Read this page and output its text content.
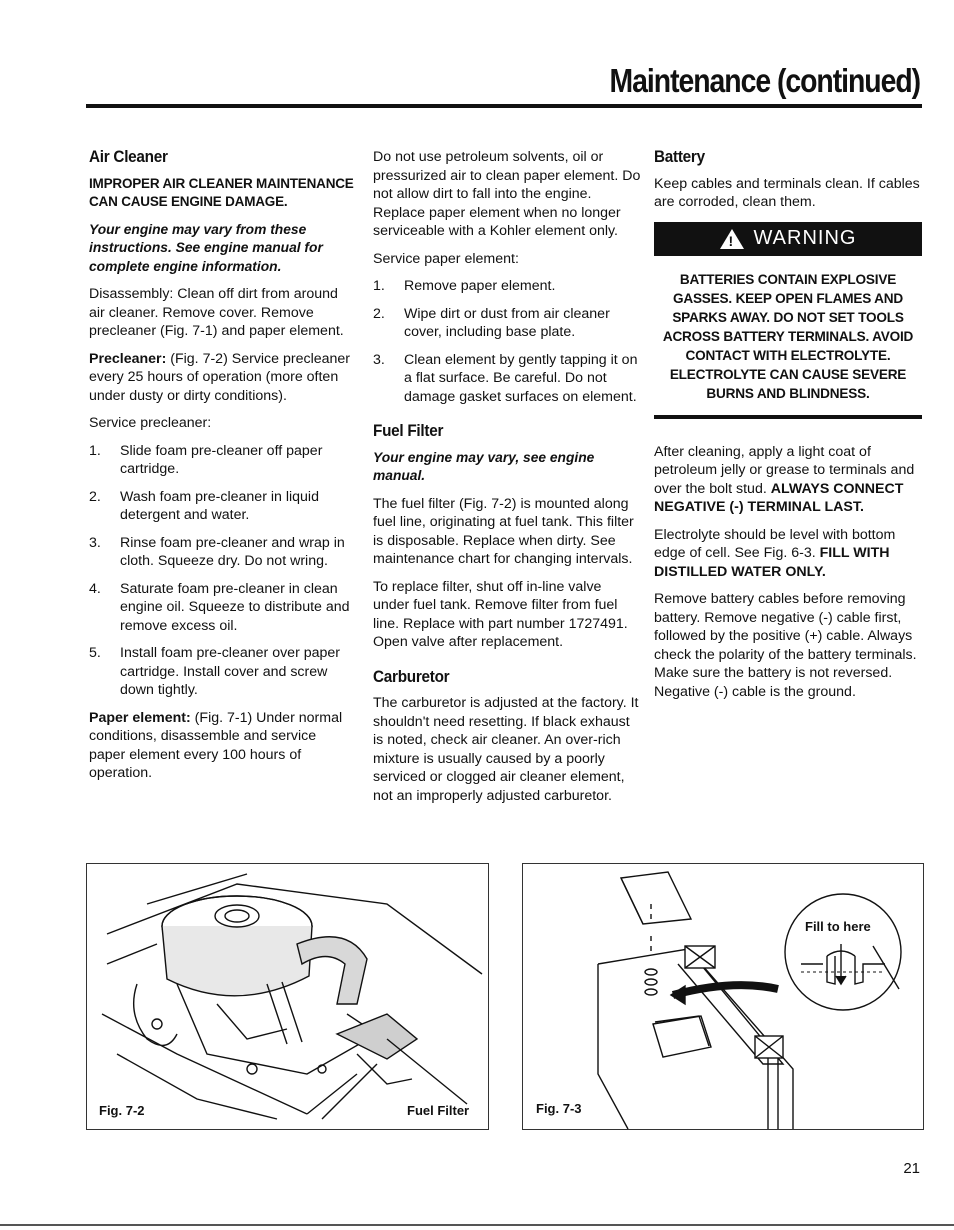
Maintenance (continued)
Air Cleaner

IMPROPER AIR CLEANER MAINTENANCE CAN CAUSE ENGINE DAMAGE.

Your engine may vary from these instructions. See engine manual for complete engine information.

Disassembly: Clean off dirt from around air cleaner. Remove cover. Remove precleaner (Fig. 7-1) and paper element.

Precleaner: (Fig. 7-2) Service precleaner every 25 hours of operation (more often under dusty or dirty conditions).

Service precleaner:

1.	Slide foam pre-cleaner off paper cartridge.
2.	Wash foam pre-cleaner in liquid detergent and water.
3.	Rinse foam pre-cleaner and wrap in cloth. Squeeze dry. Do not wring.
4.	Saturate foam pre-cleaner in clean engine oil. Squeeze to distribute and remove excess oil.
5.	Install foam pre-cleaner over paper cartridge. Install cover and screw down tightly.

Paper element: (Fig. 7-1) Under normal conditions, disassemble and service paper element every 100 hours of operation.

Do not use petroleum solvents, oil or pressurized air to clean paper element. Do not allow dirt to fall into the engine. Replace paper element when no longer serviceable with a Kohler element only.

Service paper element:

1.	Remove paper element.
2.	Wipe dirt or dust from air cleaner cover, including base plate.
3.	Clean element by gently tapping it on a flat surface. Be careful. Do not damage gasket surfaces on element.
Fuel Filter

Your engine may vary, see engine manual.

The fuel filter (Fig. 7-2) is mounted along fuel line, originating at fuel tank. This filter is disposable. Replace when dirty. See maintenance chart for changing intervals.

To replace filter, shut off in-line valve under fuel tank. Remove filter from fuel line. Replace with part number 1727491. Open valve after replacement.

Carburetor

The carburetor is adjusted at the factory. It shouldn't need resetting. If black exhaust is noted, check air cleaner. An over-rich mixture is usually caused by a poorly serviced or clogged air cleaner element, not an improperly adjusted carburetor.

Battery

Keep cables and terminals clean. If cables are corroded, clean them.

!
WARNING
BATTERIES CONTAIN EXPLOSIVE GASSES. KEEP OPEN FLAMES AND SPARKS AWAY. DO NOT SET TOOLS ACROSS BATTERY TERMINALS. AVOID CONTACT WITH ELECTROLYTE. ELECTROLYTE CAN CAUSE SEVERE BURNS AND BLINDNESS.

After cleaning, apply a light coat of petroleum jelly or grease to terminals and over the bolt stud. ALWAYS CONNECT NEGATIVE (-) TERMINAL LAST.

Electrolyte should be level with bottom edge of cell. See Fig. 6-3. FILL WITH DISTILLED WATER ONLY.

Remove battery cables before removing battery. Remove negative (-) cable first, followed by the positive (+) cable. Always check the polarity of the battery terminals. Make sure the battery is not reversed. Negative (-) cable is the ground.

Fig. 7-2	Fuel Filter
Fill to here
Fig. 7-3
21
